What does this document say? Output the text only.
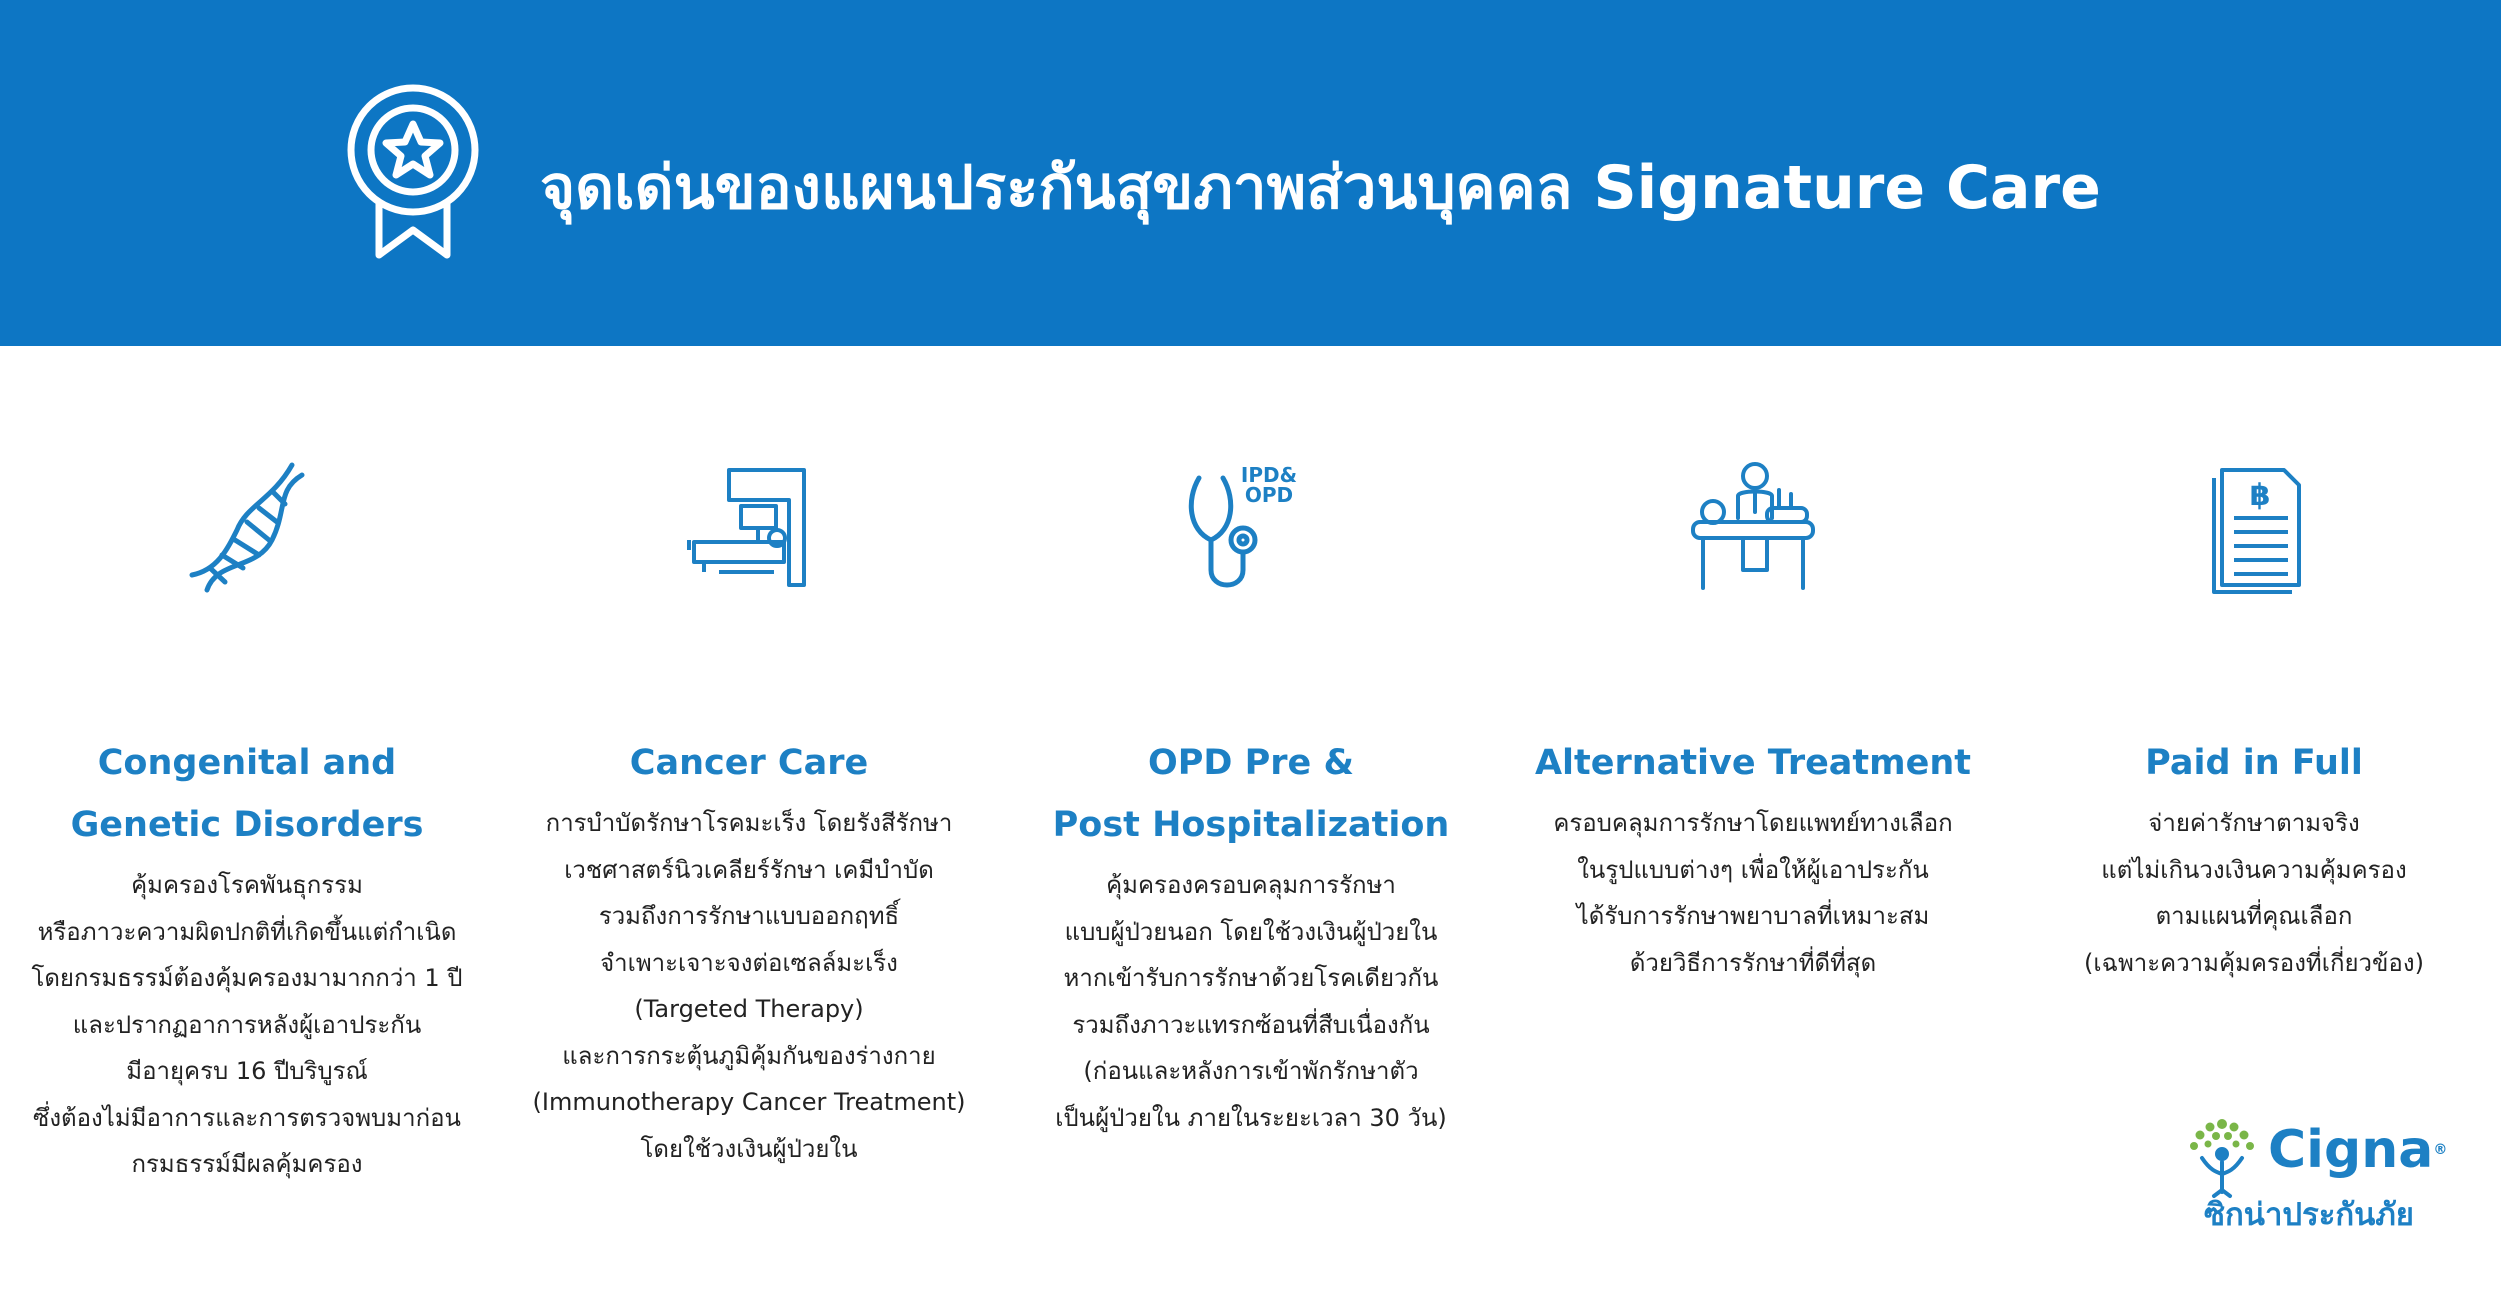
จุดเด่นของแผนประกันสุขภาพส่วนบุคคล Signature Care
Congenital and
Genetic Disorders
คุ้มครองโรคพันธุกรรม
หรือภาวะความผิดปกติที่เกิดขึ้นแต่กำเนิด
โดยกรมธรรม์ต้องคุ้มครองมามากกว่า 1 ปี
และปรากฏอาการหลังผู้เอาประกัน
มีอายุครบ 16 ปีบริบูรณ์
ซึ่งต้องไม่มีอาการและการตรวจพบมาก่อน
กรมธรรม์มีผลคุ้มครอง
Cancer Care
การบำบัดรักษาโรคมะเร็ง โดยรังสีรักษา
เวชศาสตร์นิวเคลียร์รักษา เคมีบำบัด
รวมถึงการรักษาแบบออกฤทธิ์
จำเพาะเจาะจงต่อเซลล์มะเร็ง
(Targeted Therapy)
และการกระตุ้นภูมิคุ้มกันของร่างกาย
(Immunotherapy Cancer Treatment)
โดยใช้วงเงินผู้ป่วยใน
IPD&
OPD
OPD Pre &
Post Hospitalization
คุ้มครองครอบคลุมการรักษา
แบบผู้ป่วยนอก โดยใช้วงเงินผู้ป่วยใน
หากเข้ารับการรักษาด้วยโรคเดียวกัน
รวมถึงภาวะแทรกซ้อนที่สืบเนื่องกัน
(ก่อนและหลังการเข้าพักรักษาตัว
เป็นผู้ป่วยใน ภายในระยะเวลา 30 วัน)
Alternative Treatment
ครอบคลุมการรักษาโดยแพทย์ทางเลือก
ในรูปแบบต่างๆ เพื่อให้ผู้เอาประกัน
ได้รับการรักษาพยาบาลที่เหมาะสม
ด้วยวิธีการรักษาที่ดีที่สุด
฿
Paid in Full
จ่ายค่ารักษาตามจริง
แต่ไม่เกินวงเงินความคุ้มครอง
ตามแผนที่คุณเลือก
(เฉพาะความคุ้มครองที่เกี่ยวข้อง)
Cigna®
ซิกน่าประกันภัย
